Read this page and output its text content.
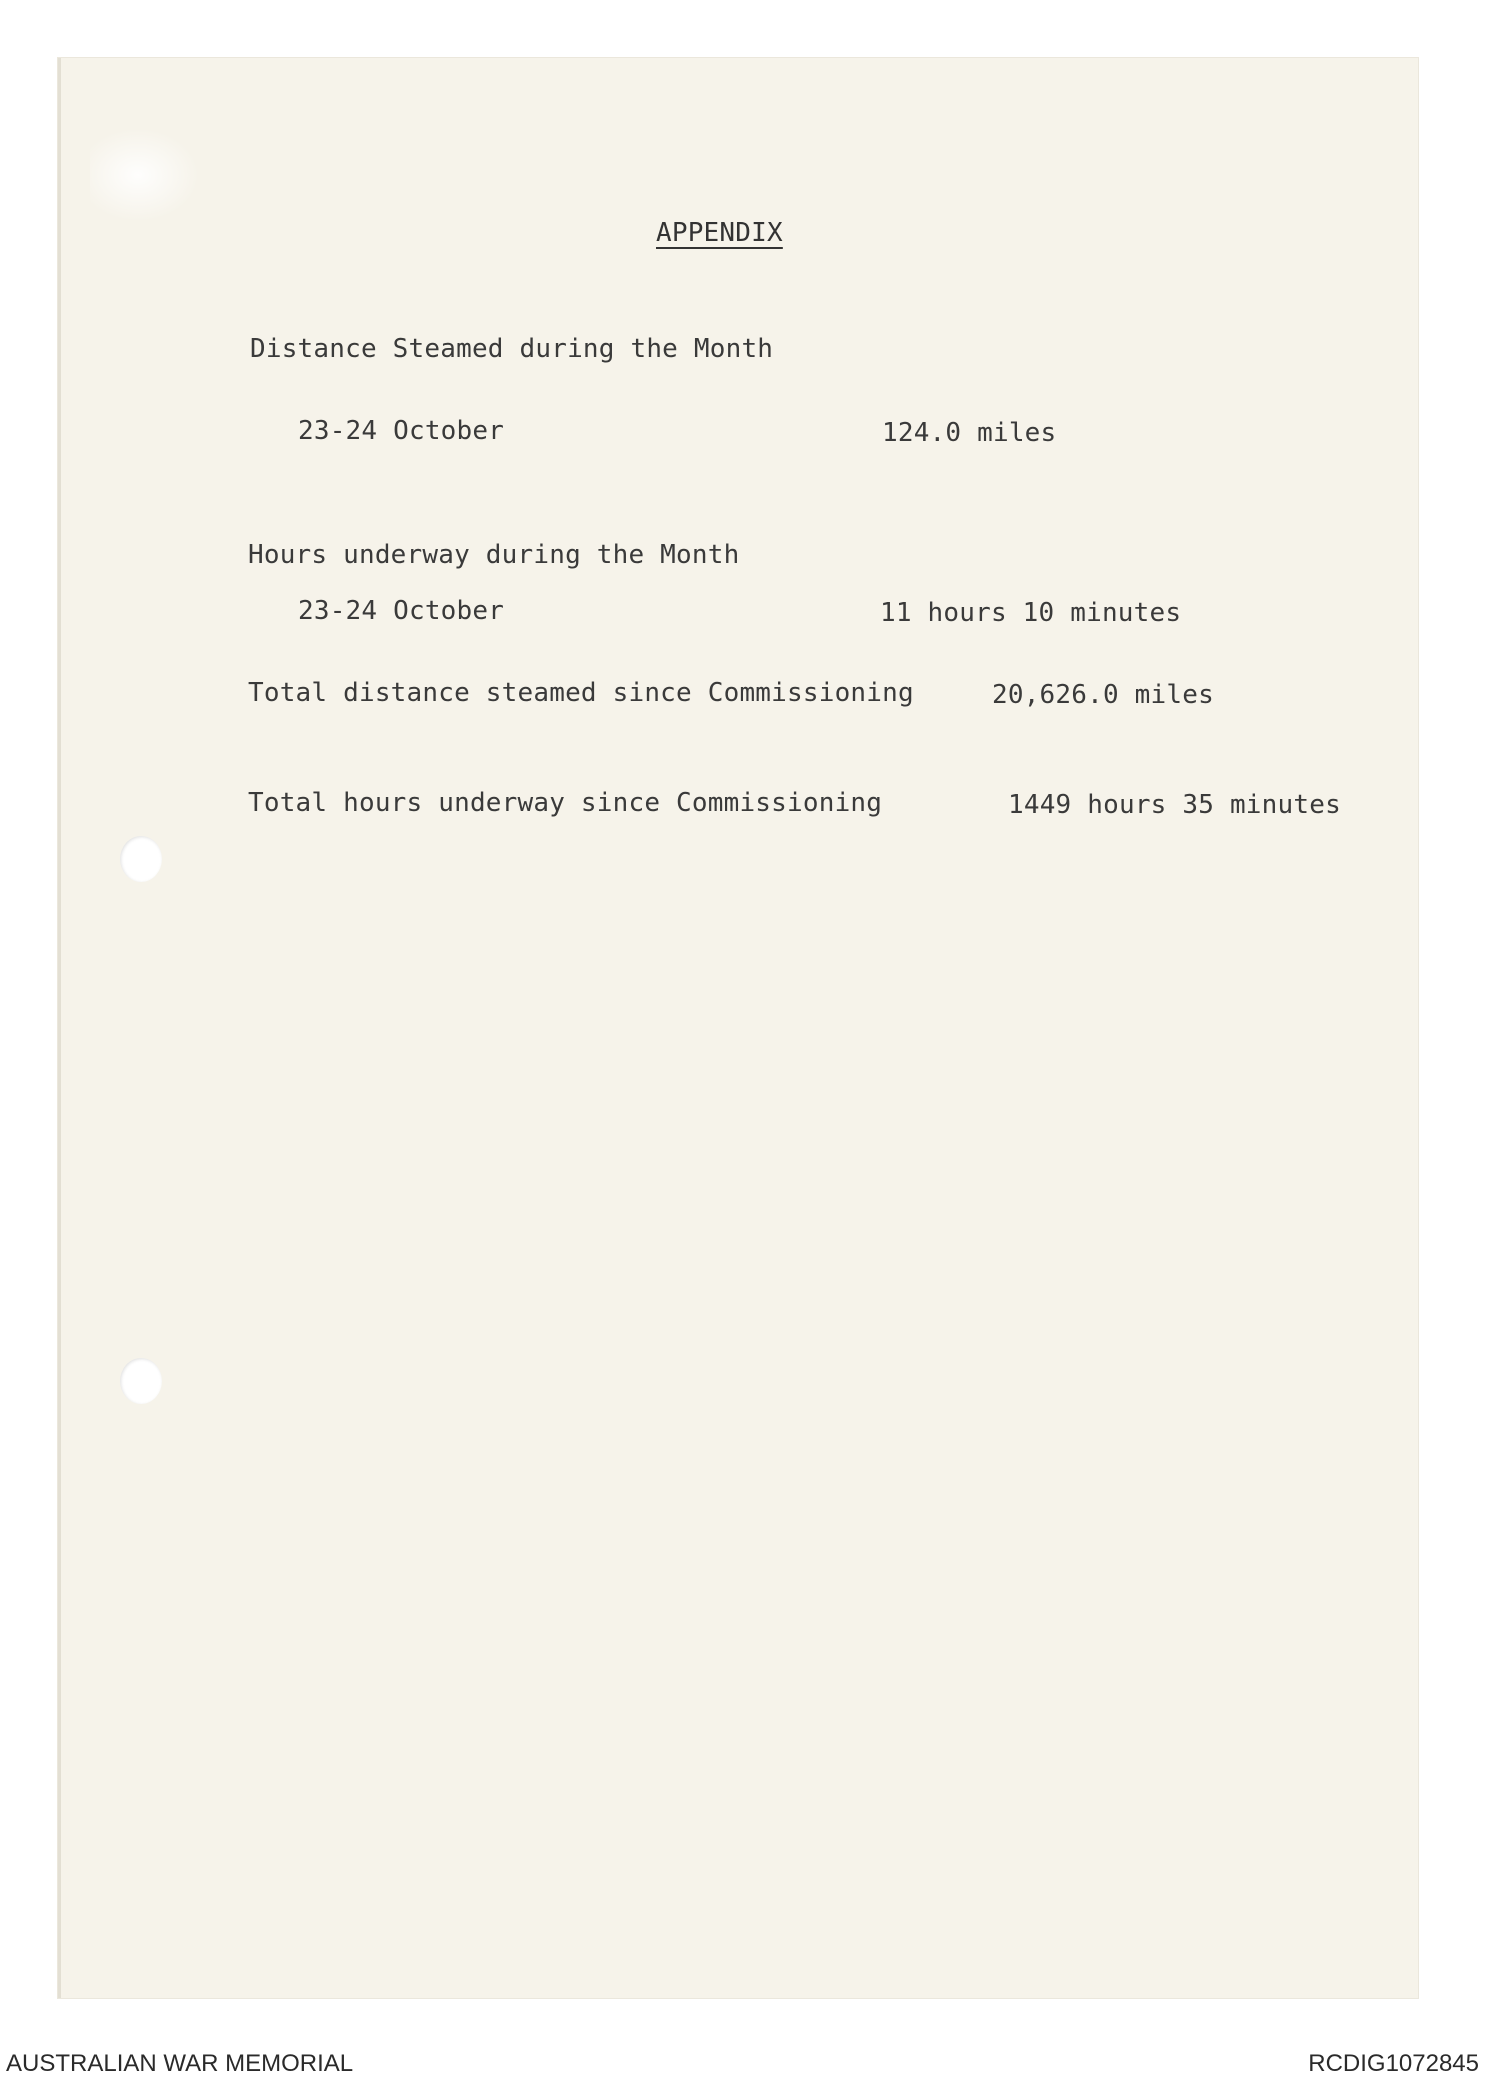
APPENDIX
Distance Steamed during the Month
23-24 October	124.0 miles
Hours underway during the Month
23-24 October	11 hours 10 minutes
Total distance steamed since Commissioning	20,626.0 miles
Total hours underway since Commissioning	1449 hours 35 minutes
AUSTRALIAN WAR MEMORIAL	RCDIG1072845
